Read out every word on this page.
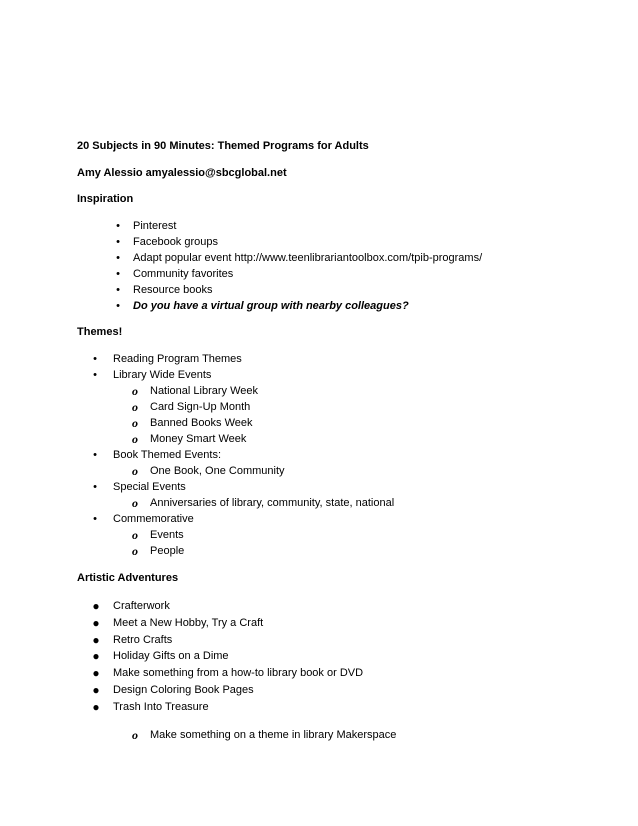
20 Subjects in 90 Minutes: Themed Programs for Adults
Amy Alessio amyalessio@sbcglobal.net
Inspiration
• Pinterest
• Facebook groups
• Adapt popular event http://www.teenlibrariantoolbox.com/tpib-programs/
• Community favorites
• Resource books
• Do you have a virtual group with nearby colleagues?
Themes!
• Reading Program Themes
• Library Wide Events
o National Library Week
o Card Sign-Up Month
o Banned Books Week
o Money Smart Week
• Book Themed Events:
o One Book, One Community
• Special Events
o Anniversaries of library, community, state, national
• Commemorative
o Events
o People
Artistic Adventures
● Crafterwork
● Meet a New Hobby, Try a Craft
● Retro Crafts
● Holiday Gifts on a Dime
● Make something from a how-to library book or DVD
● Design Coloring Book Pages
● Trash Into Treasure
o Make something on a theme in library Makerspace
